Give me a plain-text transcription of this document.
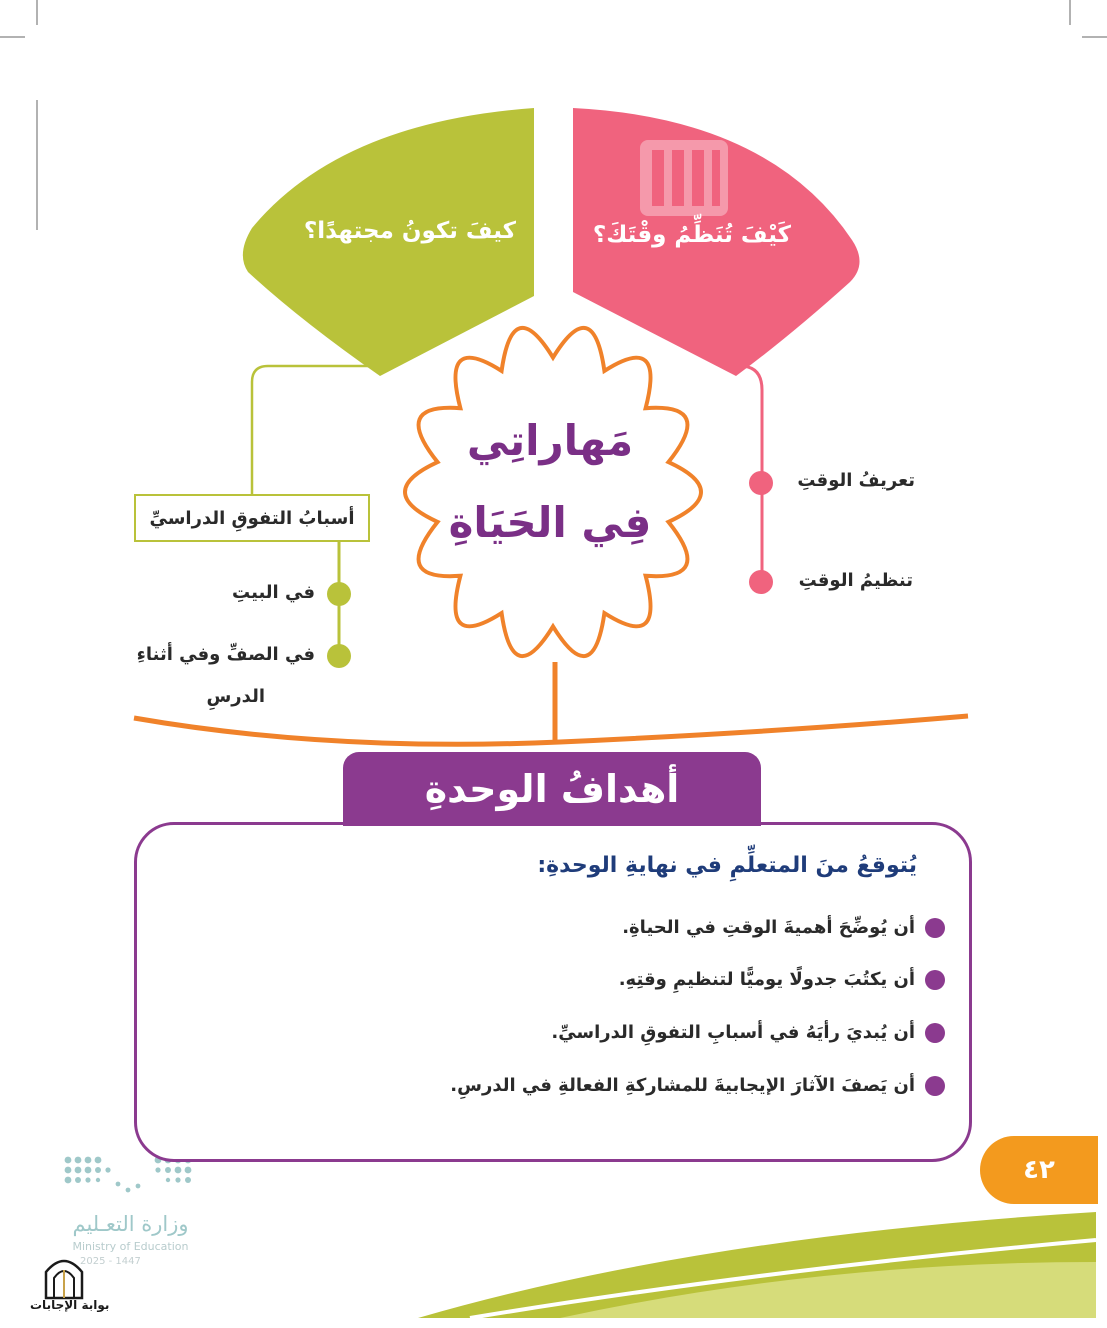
كيفَ تكونُ مجتهدًا؟	كَيْفَ تُنَظِّمُ وقْتَكَ؟
مَهاراتِي
فِي الحَيَاةِ
تعريفُ الوقتِ
تنظيمُ الوقتِ
أسبابُ التفوقِ الدراسيِّ
في البيتِ
في الصفِّ وفي أثناءِ
الدرسِ
يُتوقعُ منَ المتعلِّمِ في نهايةِ الوحدةِ:
أن يُوضِّحَ أهميةَ الوقتِ في الحياةِ.
أن يكتُبَ جدولًا يوميًّا لتنظيمِ وقتِهِ.
أن يُبديَ رأيَهُ في أسبابِ التفوقِ الدراسيِّ.
أن يَصفَ الآثارَ الإيجابيةَ للمشاركةِ الفعالةِ في الدرسِ.
أهدافُ الوحدةِ
٤٢
وزارة التعـليم
Ministry of Education
2025 - 1447
بوابة الإجابات
